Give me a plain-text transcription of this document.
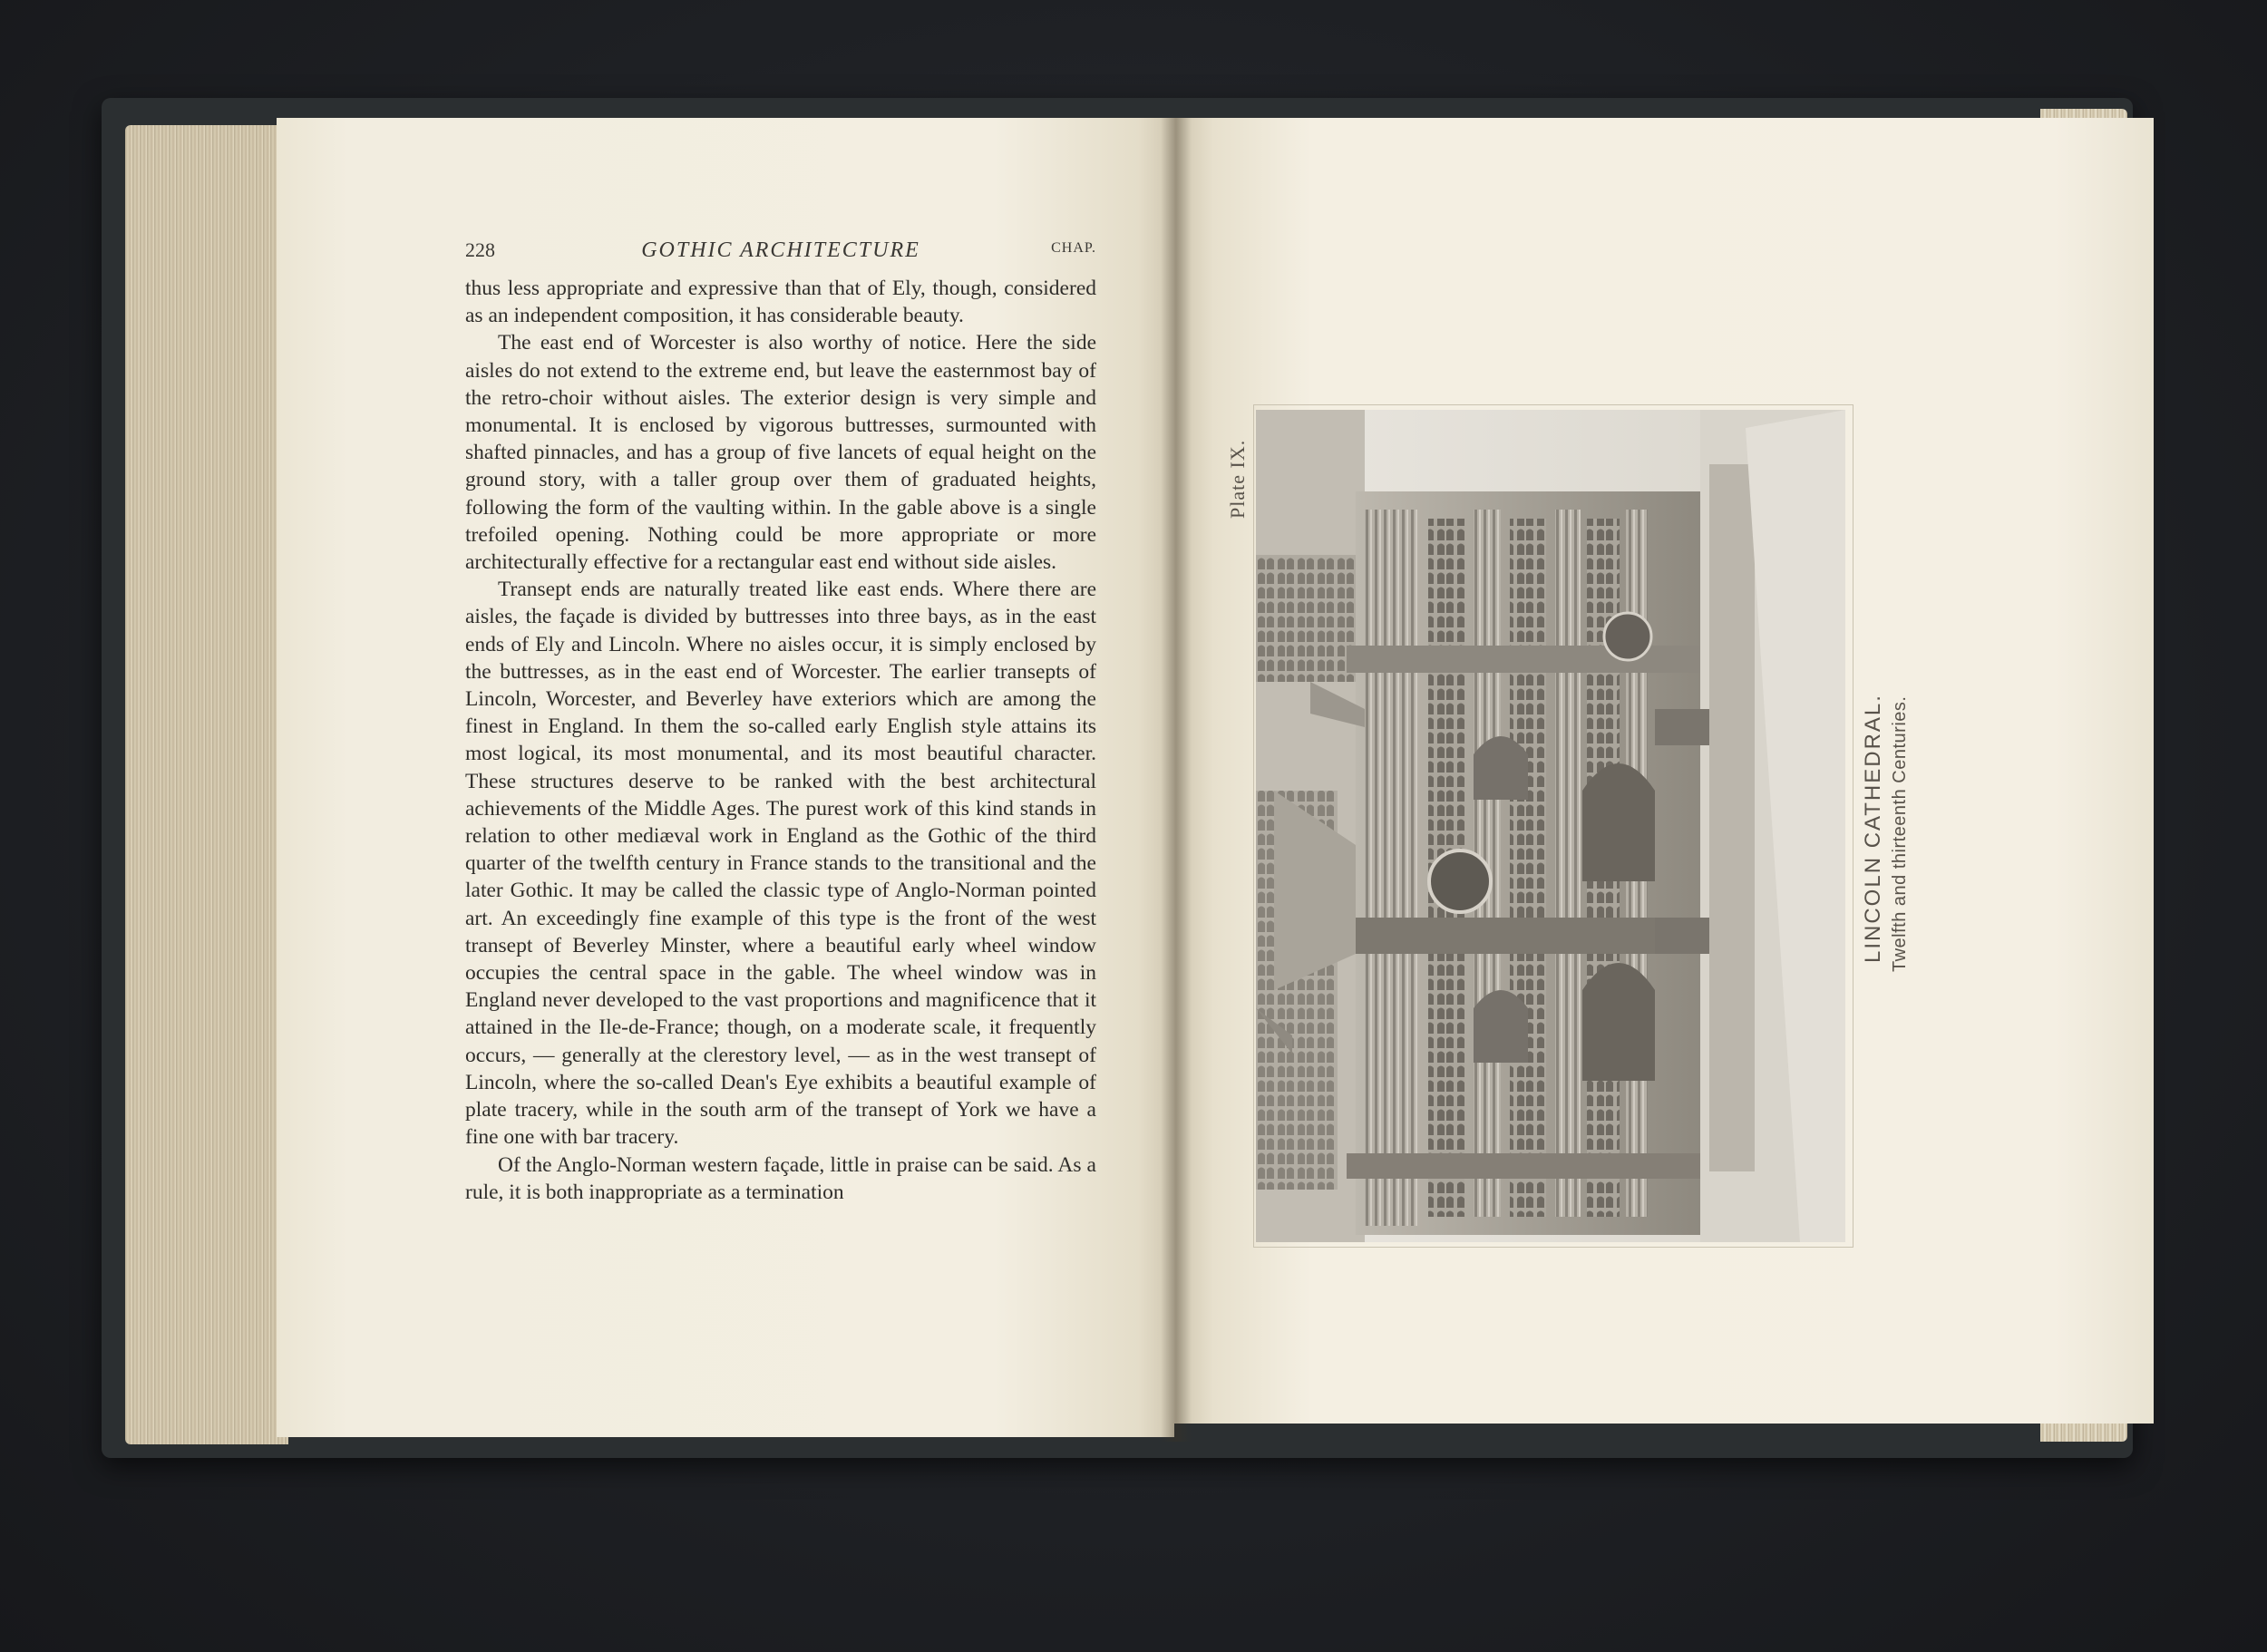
228	GOTHIC ARCHITECTURE	CHAP.

thus less appropriate and expressive than that of Ely, though, considered as an independent composition, it has considerable beauty.

The east end of Worcester is also worthy of notice. Here the side aisles do not extend to the extreme end, but leave the easternmost bay of the retro-choir without aisles. The exterior design is very simple and monumental. It is enclosed by vigorous buttresses, surmounted with shafted pinnacles, and has a group of five lancets of equal height on the ground story, with a taller group over them of graduated heights, following the form of the vaulting within. In the gable above is a single trefoiled opening. Nothing could be more appropriate or more architecturally effective for a rectangular east end without side aisles.

Transept ends are naturally treated like east ends. Where there are aisles, the façade is divided by buttresses into three bays, as in the east ends of Ely and Lincoln. Where no aisles occur, it is simply enclosed by the buttresses, as in the east end of Worcester. The earlier transepts of Lincoln, Worcester, and Beverley have exteriors which are among the finest in England. In them the so-called early English style attains its most logical, its most monumental, and its most beautiful character. These structures deserve to be ranked with the best architectural achievements of the Middle Ages. The purest work of this kind stands in relation to other mediæval work in England as the Gothic of the third quarter of the twelfth century in France stands to the transitional and the later Gothic. It may be called the classic type of Anglo-Norman pointed art. An exceedingly fine example of this type is the front of the west transept of Beverley Minster, where a beautiful early wheel window occupies the central space in the gable. The wheel window was in England never developed to the vast proportions and magnificence that it attained in the Ile-de-France; though, on a moderate scale, it frequently occurs, — generally at the clerestory level, — as in the west transept of Lincoln, where the so-called Dean's Eye exhibits a beautiful example of plate tracery, while in the south arm of the transept of York we have a fine one with bar tracery.

Of the Anglo-Norman western façade, little in praise can be said. As a rule, it is both inappropriate as a termination

Plate IX.
LINCOLN CATHEDRAL. Twelfth and thirteenth Centuries.
